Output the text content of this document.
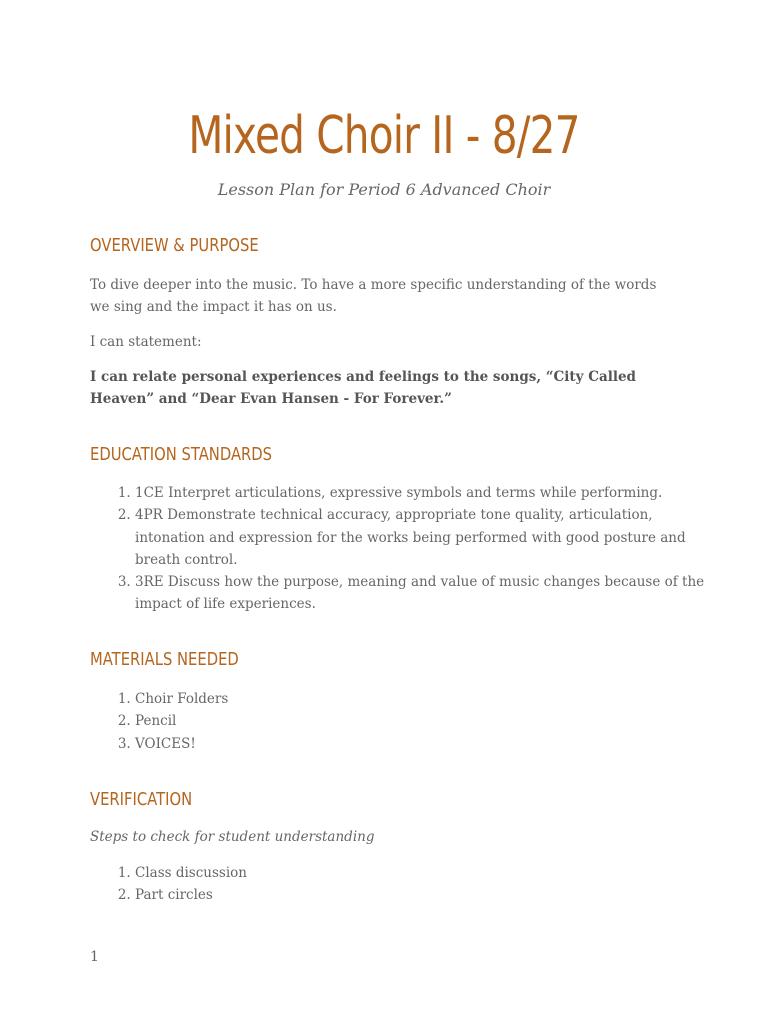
Mixed Choir II - 8/27
Lesson Plan for Period 6 Advanced Choir
OVERVIEW & PURPOSE
To dive deeper into the music. To have a more specific understanding of the words we sing and the impact it has on us.
I can statement:
I can relate personal experiences and feelings to the songs, “City Called Heaven” and “Dear Evan Hansen - For Forever.”
EDUCATION STANDARDS
1. 1CE Interpret articulations, expressive symbols and terms while performing.
2. 4PR Demonstrate technical accuracy, appropriate tone quality, articulation, intonation and expression for the works being performed with good posture and breath control.
3. 3RE Discuss how the purpose, meaning and value of music changes because of the impact of life experiences.
MATERIALS NEEDED
1. Choir Folders
2. Pencil
3. VOICES!
VERIFICATION
Steps to check for student understanding
1. Class discussion
2. Part circles
1
